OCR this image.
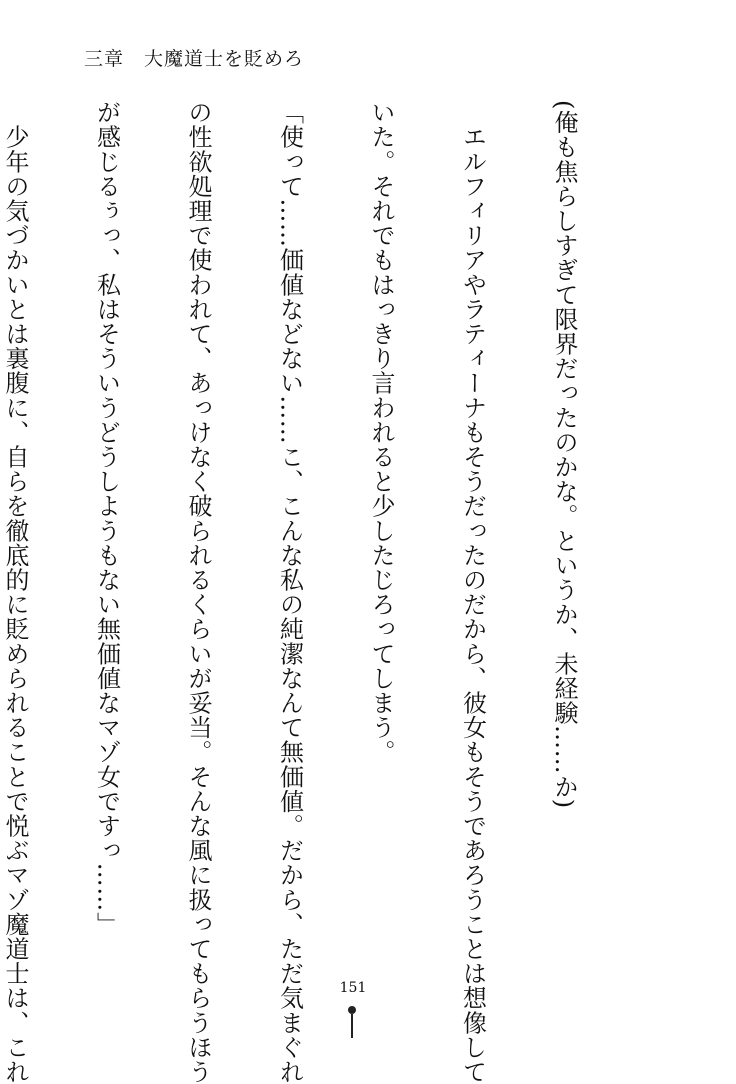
三章　大魔道士を貶めろ

(俺も焦らしすぎて限界だったのかな。というか、未経験……か)

　エルフィリアやラティーナもそうだったのだから、彼女もそうであろうことは想像して

いた。それでもはっきり言われると少したじろってしまう。

「使って……価値などない……こ、こんな私の純潔なんて無価値。だから、ただ気まぐれ

の性欲処理で使われて、あっけなく破られるくらいが妥当。そんな風に扱ってもらうほう

が感じるぅっ、私はそういうどうしようもない無価値なマゾ女ですっ……」

　少年の気づかいとは裏腹に、自らを徹底的に貶められることで悦ぶマゾ魔道士は、これ

	151
